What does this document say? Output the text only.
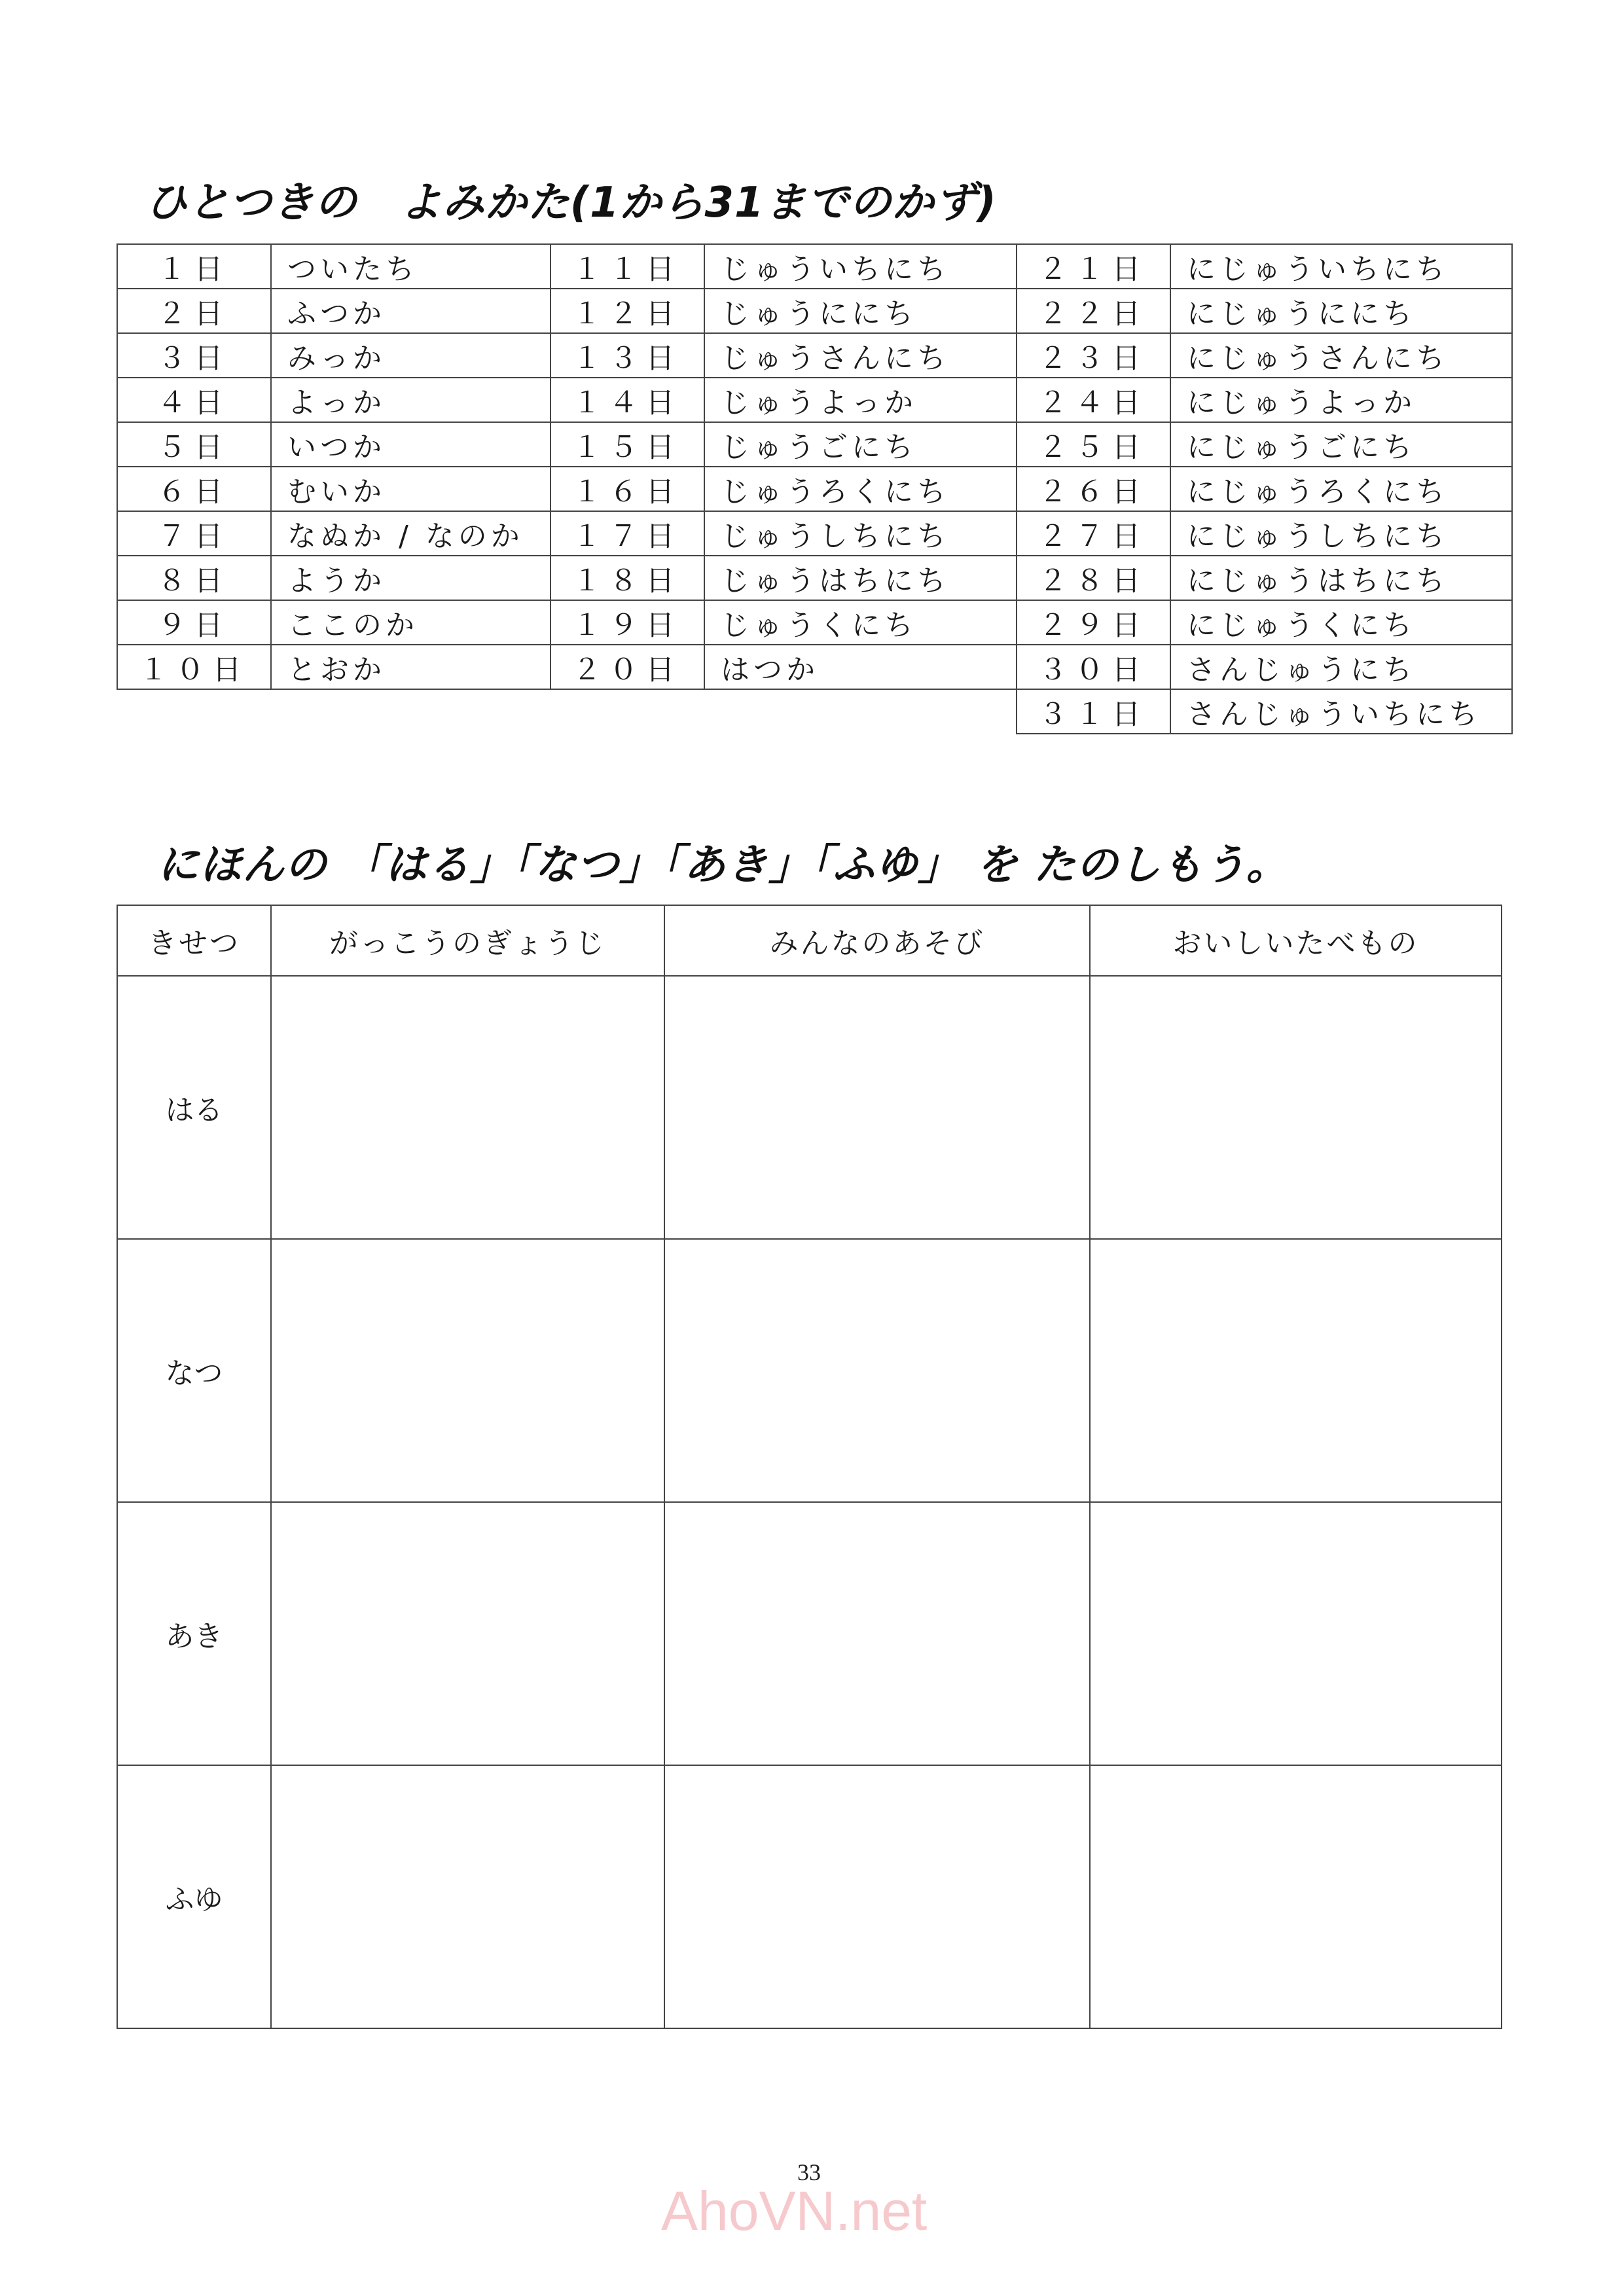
ひとつきの　よみかた(1から31までのかず)
１日	ついたち	１１日	じゅういちにち	２１日	にじゅういちにち
２日	ふつか	１２日	じゅうににち	２２日	にじゅうににち
３日	みっか	１３日	じゅうさんにち	２３日	にじゅうさんにち
４日	よっか	１４日	じゅうよっか	２４日	にじゅうよっか
５日	いつか	１５日	じゅうごにち	２５日	にじゅうごにち
６日	むいか	１６日	じゅうろくにち	２６日	にじゅうろくにち
７日	なぬか / なのか	１７日	じゅうしちにち	２７日	にじゅうしちにち
８日	ようか	１８日	じゅうはちにち	２８日	にじゅうはちにち
９日	ここのか	１９日	じゅうくにち	２９日	にじゅうくにち
１０日	とおか	２０日	はつか	３０日	さんじゅうにち
				３１日	さんじゅういちにち
にほんの 「はる」「なつ」「あき」「ふゆ」 を たのしもう。
きせつ	がっこうのぎょうじ	みんなのあそび	おいしいたべもの
はる			
なつ			
あき			
ふゆ			
33
AhoVN.net
